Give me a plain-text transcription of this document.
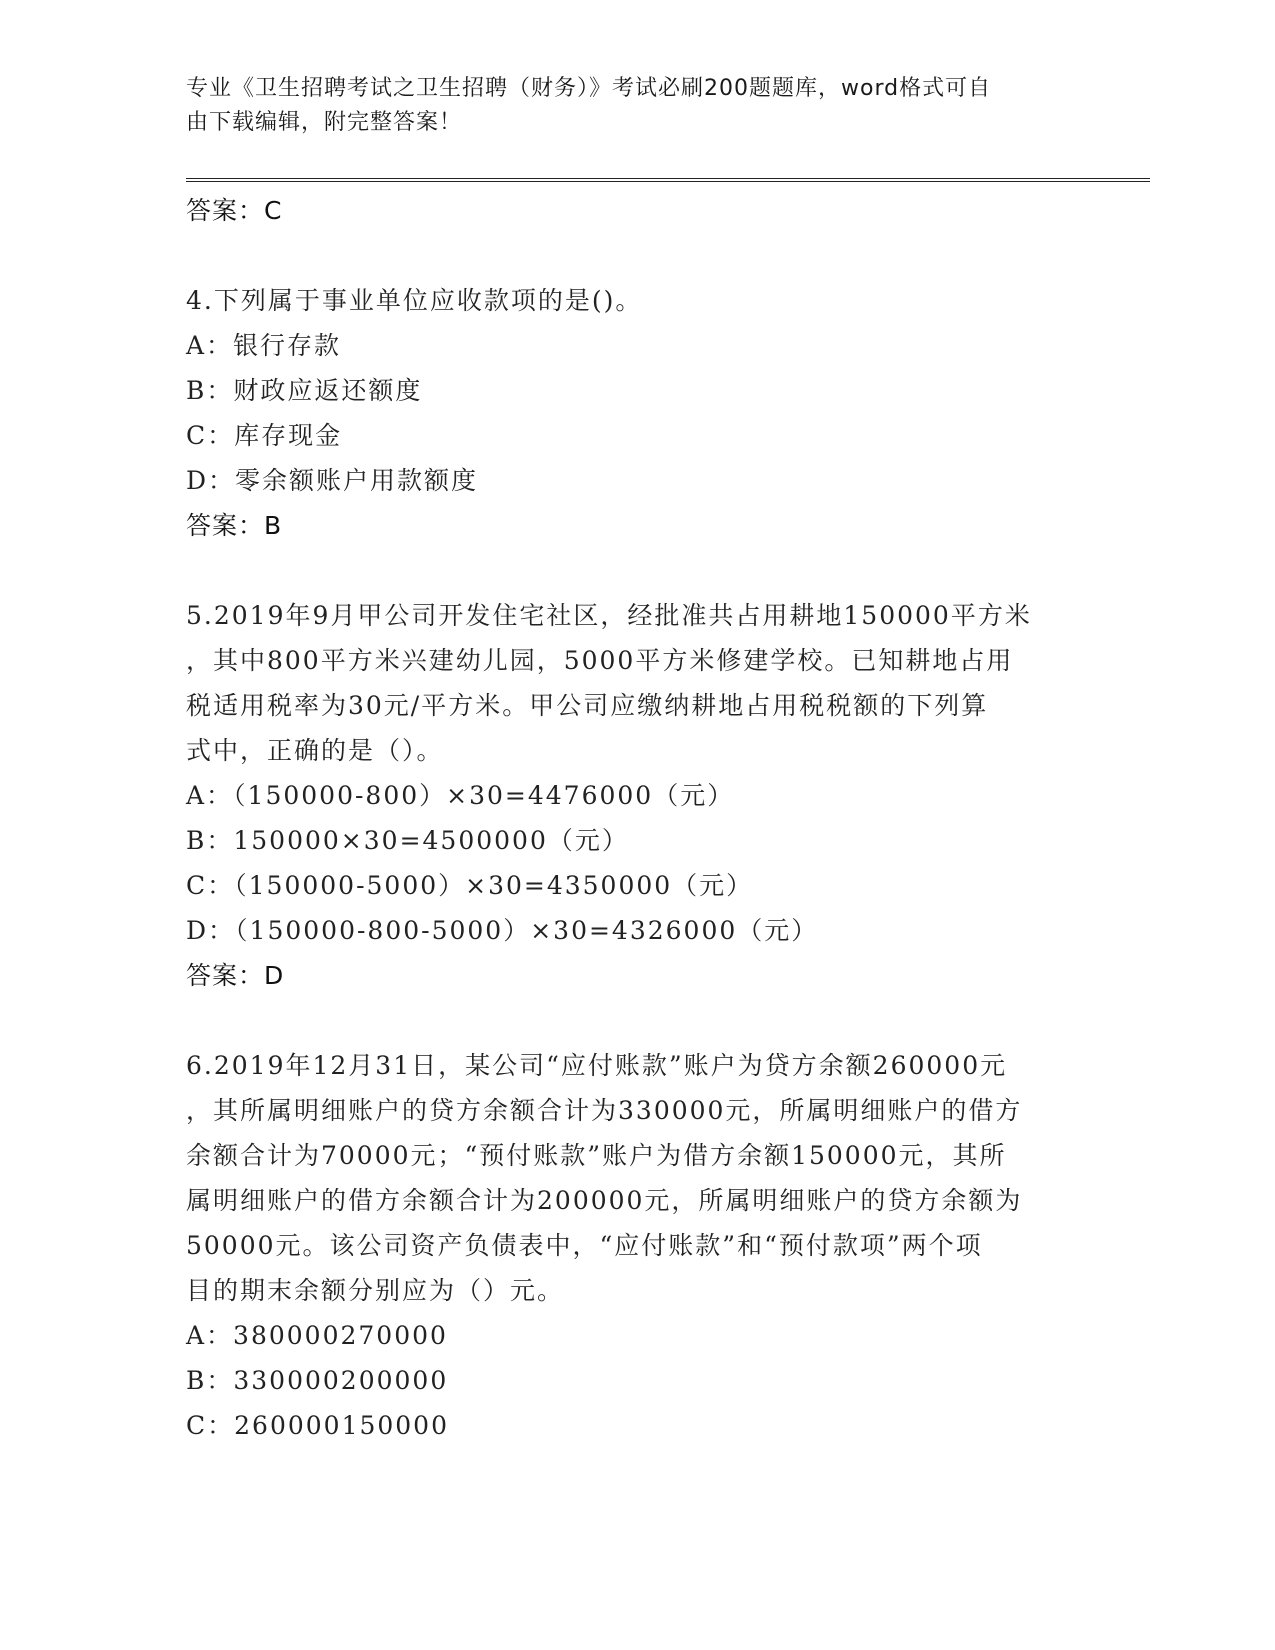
专业《卫生招聘考试之卫生招聘（财务）》考试必刷200题题库，word格式可自
由下载编辑，附完整答案！
答案：C
4.下列属于事业单位应收款项的是()。
A：银行存款
B：财政应返还额度
C：库存现金
D：零余额账户用款额度
答案：B
5.2019年9月甲公司开发住宅社区，经批准共占用耕地150000平方米
，其中800平方米兴建幼儿园，5000平方米修建学校。已知耕地占用
税适用税率为30元/平方米。甲公司应缴纳耕地占用税税额的下列算
式中，正确的是（）。
A：（150000-800）×30=4476000（元）
B：150000×30=4500000（元）
C：（150000-5000）×30=4350000（元）
D：（150000-800-5000）×30=4326000（元）
答案：D
6.2019年12月31日，某公司“应付账款”账户为贷方余额260000元
，其所属明细账户的贷方余额合计为330000元，所属明细账户的借方
余额合计为70000元；“预付账款”账户为借方余额150000元，其所
属明细账户的借方余额合计为200000元，所属明细账户的贷方余额为
50000元。该公司资产负债表中，“应付账款”和“预付款项”两个项
目的期末余额分别应为（）元。
A：380000270000
B：330000200000
C：260000150000
